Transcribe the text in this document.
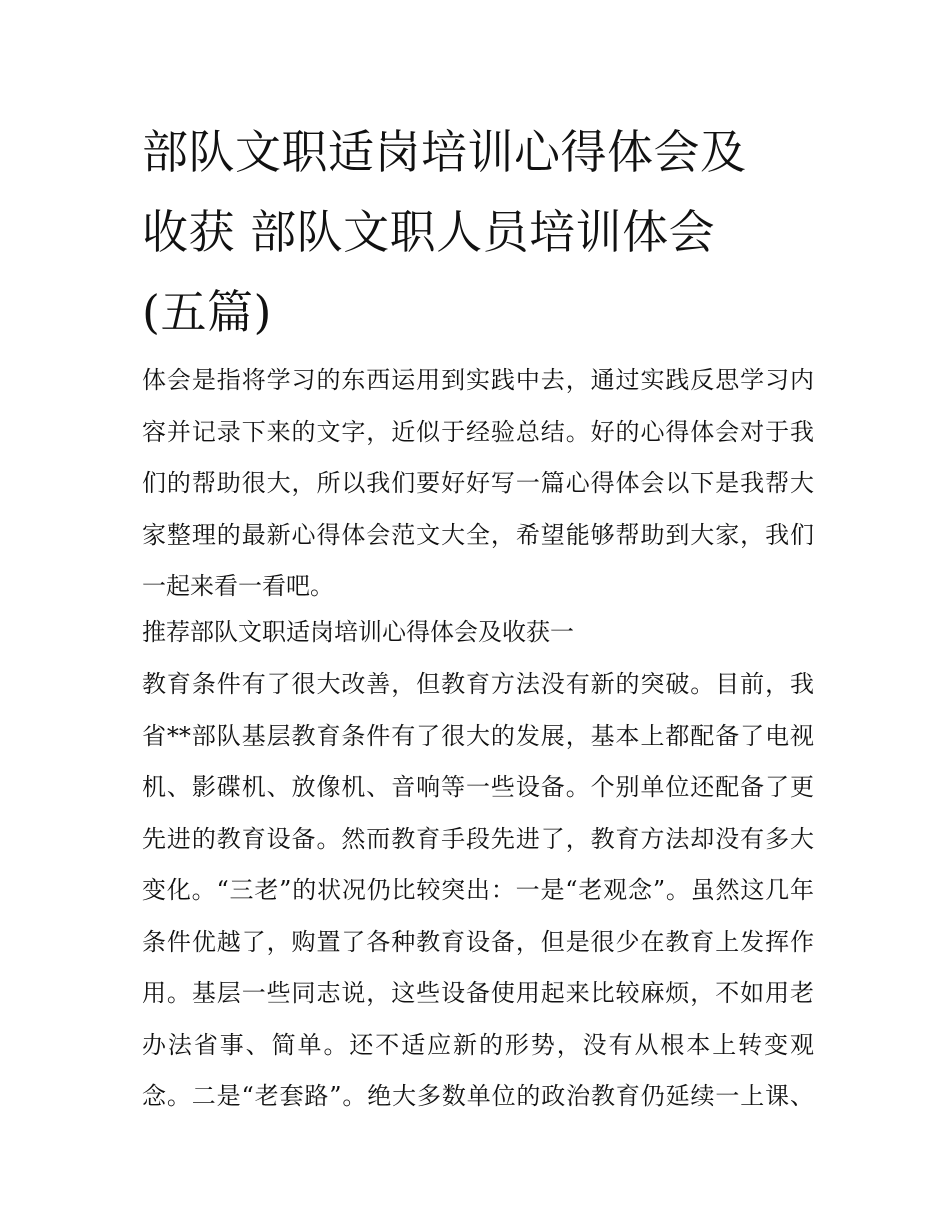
部队文职适岗培训心得体会及
收获 部队文职人员培训体会
(五篇)
体会是指将学习的东西运用到实践中去，通过实践反思学习内
容并记录下来的文字，近似于经验总结。好的心得体会对于我
们的帮助很大，所以我们要好好写一篇心得体会以下是我帮大
家整理的最新心得体会范文大全，希望能够帮助到大家，我们
一起来看一看吧。
推荐部队文职适岗培训心得体会及收获一
教育条件有了很大改善，但教育方法没有新的突破。目前，我
省**部队基层教育条件有了很大的发展，基本上都配备了电视
机、影碟机、放像机、音响等一些设备。个别单位还配备了更
先进的教育设备。然而教育手段先进了，教育方法却没有多大
变化。“三老”的状况仍比较突出：一是“老观念”。虽然这几年
条件优越了，购置了各种教育设备，但是很少在教育上发挥作
用。基层一些同志说，这些设备使用起来比较麻烦，不如用老
办法省事、简单。还不适应新的形势，没有从根本上转变观
念。二是“老套路”。绝大多数单位的政治教育仍延续一上课、
